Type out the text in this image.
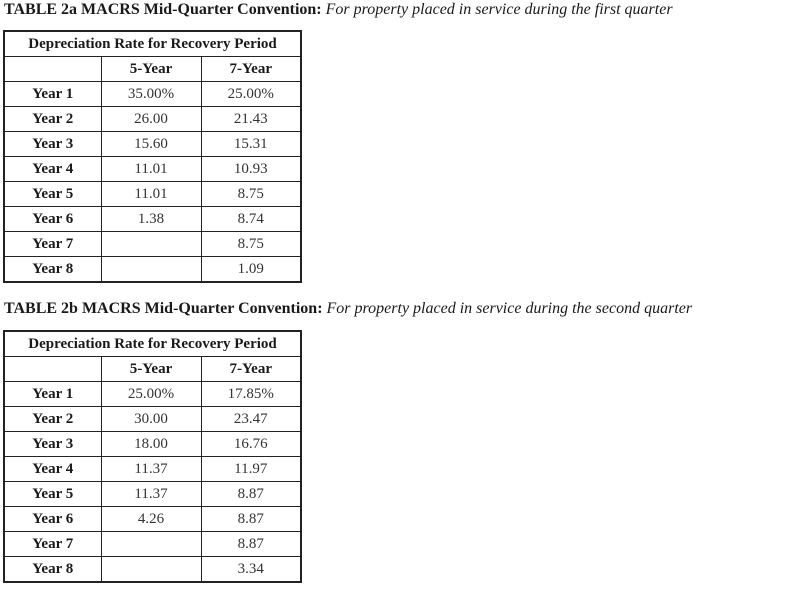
TABLE 2a MACRS Mid-Quarter Convention: For property placed in service during the first quarter
Depreciation Rate for Recovery Period		
	5-Year	7-Year
Year 1	35.00%	25.00%
Year 2	26.00	21.43
Year 3	15.60	15.31
Year 4	11.01	10.93
Year 5	11.01	8.75
Year 6	1.38	8.74
Year 7		8.75
Year 8		1.09
TABLE 2b MACRS Mid-Quarter Convention: For property placed in service during the second quarter
Depreciation Rate for Recovery Period		
	5-Year	7-Year
Year 1	25.00%	17.85%
Year 2	30.00	23.47
Year 3	18.00	16.76
Year 4	11.37	11.97
Year 5	11.37	8.87
Year 6	4.26	8.87
Year 7		8.87
Year 8		3.34
